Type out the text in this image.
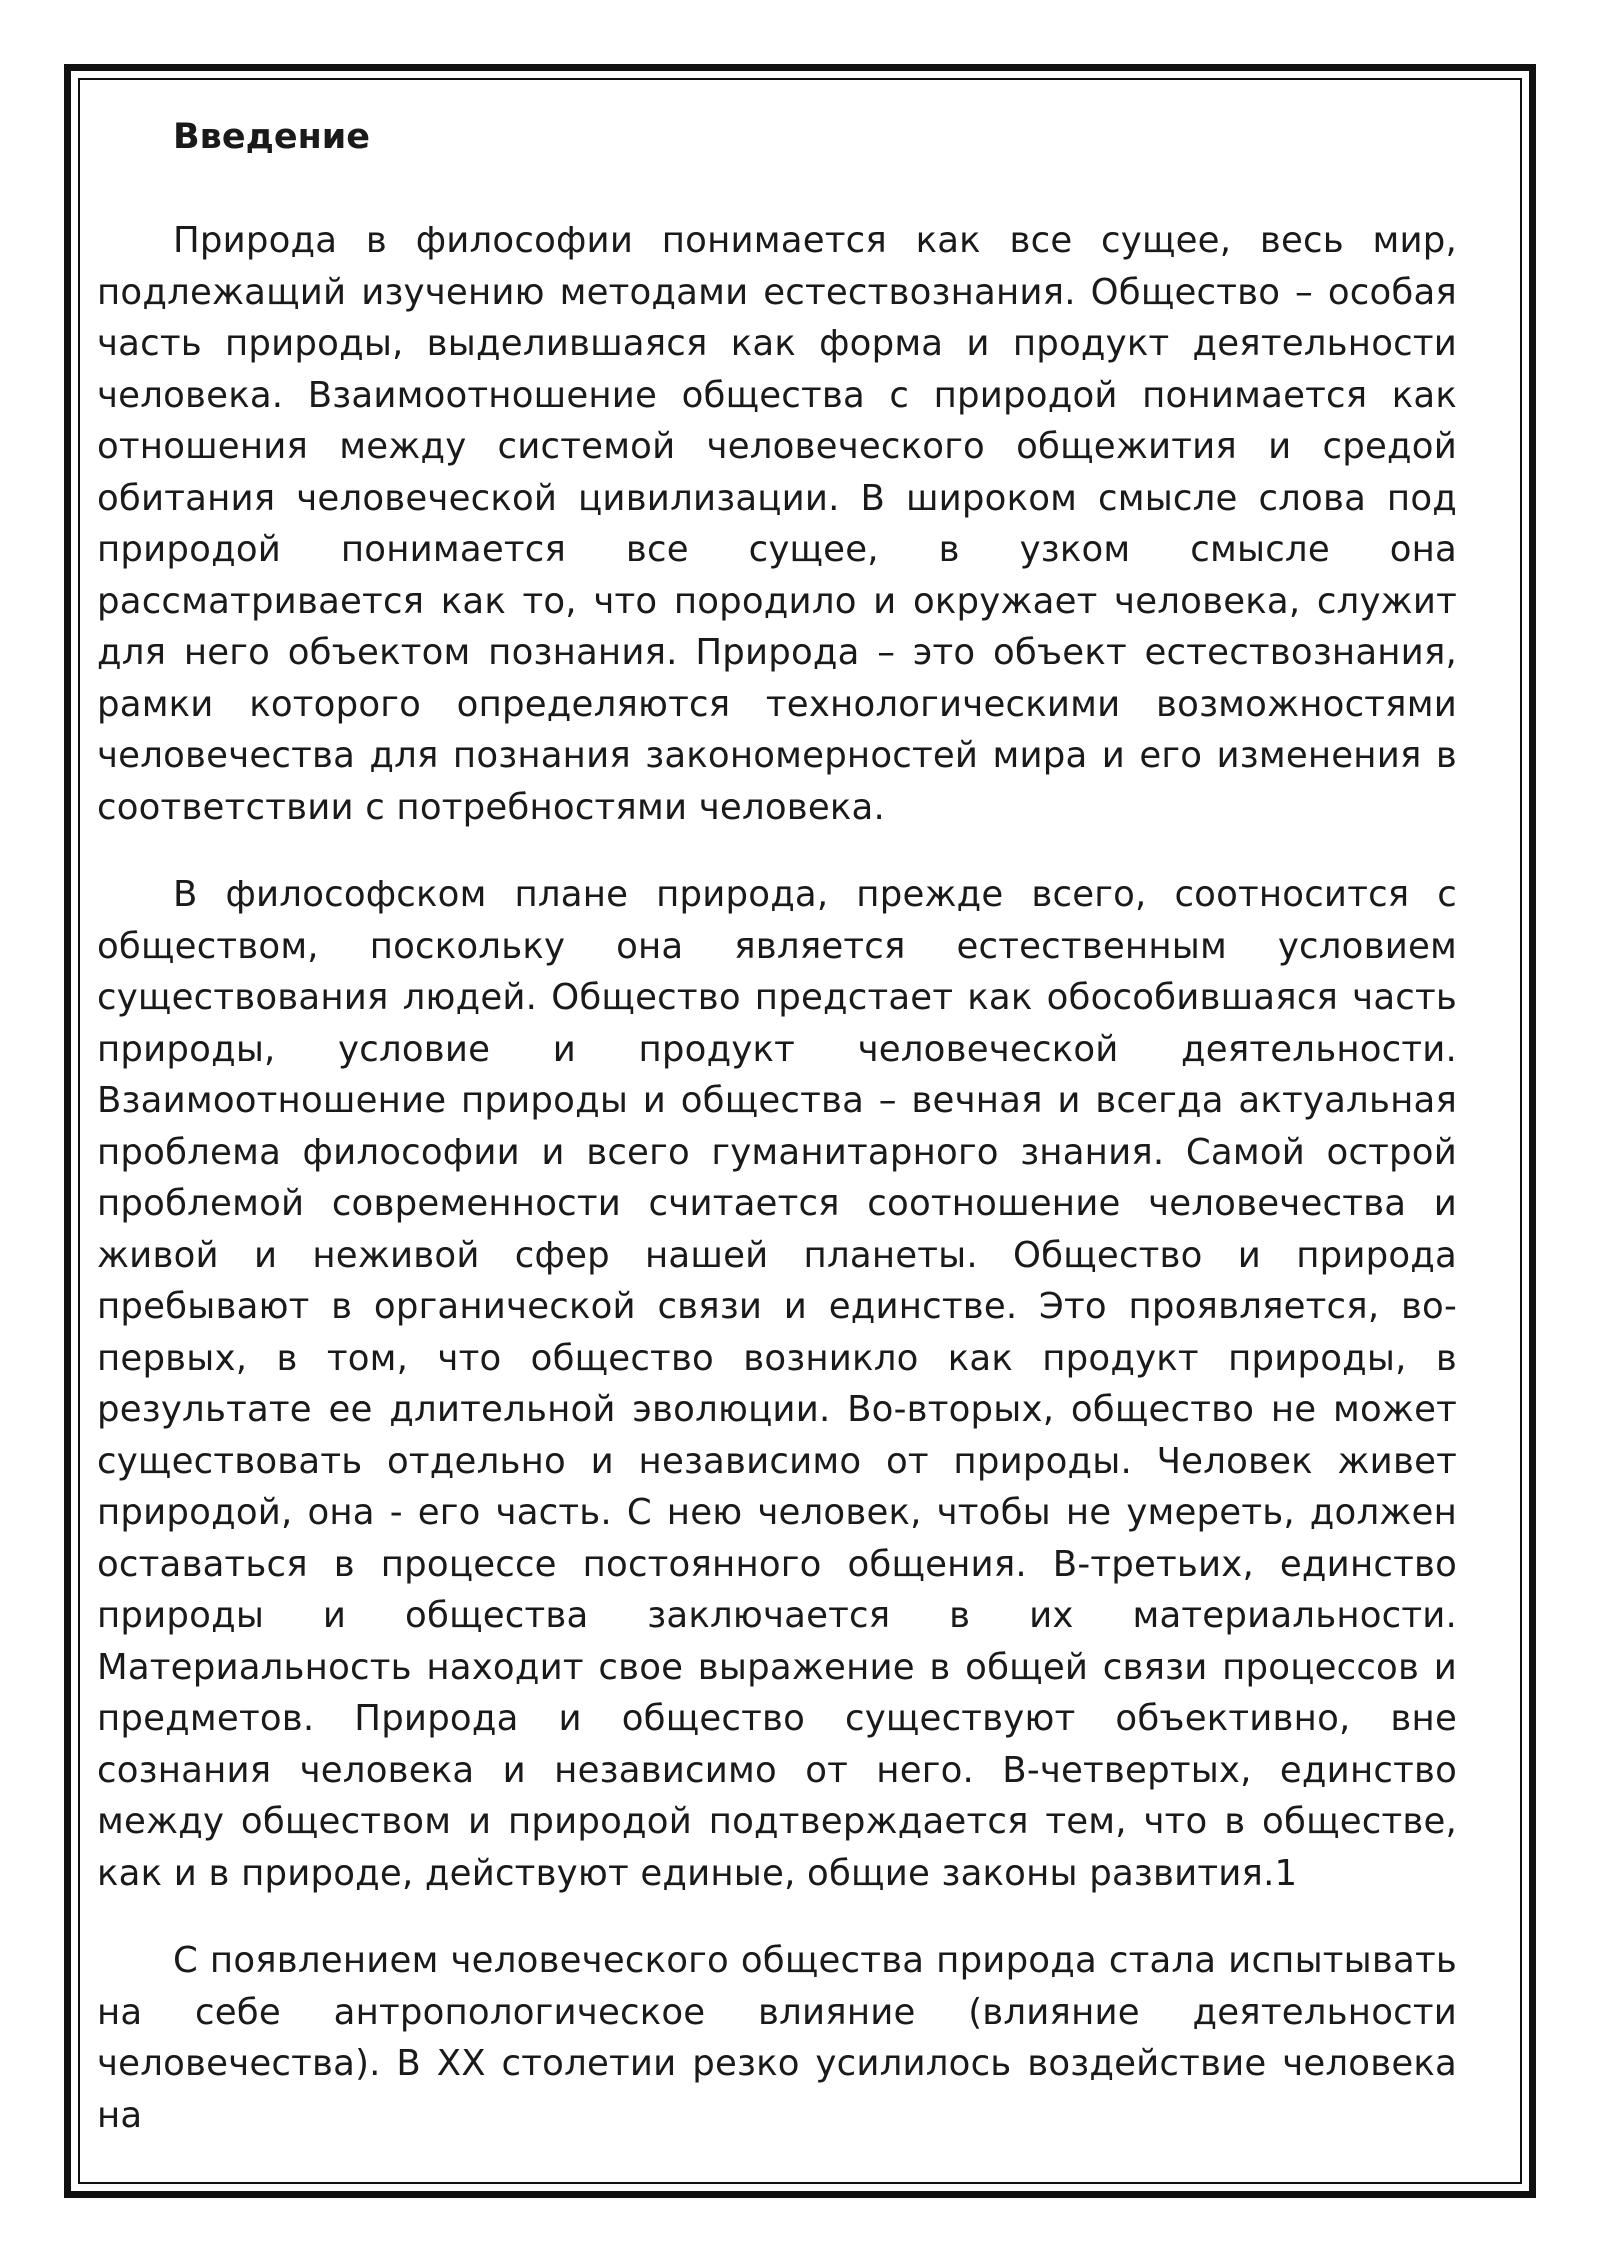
Введение

Природа в философии понимается как все сущее, весь мир, подлежащий изучению методами естествознания. Общество – особая часть природы, выделившаяся как форма и продукт деятельности человека. Взаимоотношение общества с природой понимается как отношения между системой человеческого общежития и средой обитания человеческой цивилизации. В широком смысле слова под природой понимается все сущее, в узком смысле она рассматривается как то, что породило и окружает человека, служит для него объектом познания. Природа – это объект естествознания, рамки которого определяются технологическими возможностями человечества для познания закономерностей мира и его изменения в соответствии с потребностями человека.

В философском плане природа, прежде всего, соотносится с обществом, поскольку она является естественным условием существования людей. Общество предстает как обособившаяся часть природы, условие и продукт человеческой деятельности. Взаимоотношение природы и общества – вечная и всегда актуальная проблема философии и всего гуманитарного знания. Самой острой проблемой современности считается соотношение человечества и живой и неживой сфер нашей планеты. Общество и природа пребывают в органической связи и единстве. Это проявляется, во-первых, в том, что общество возникло как продукт природы, в результате ее длительной эволюции. Во-вторых, общество не может существовать отдельно и независимо от природы. Человек живет природой, она - его часть. С нею человек, чтобы не умереть, должен оставаться в процессе постоянного общения. В-третьих, единство природы и общества заключается в их материальности. Материальность находит свое выражение в общей связи процессов и предметов. Природа и общество существуют объективно, вне сознания человека и независимо от него. В-четвертых, единство между обществом и природой подтверждается тем, что в обществе, как и в природе, действуют единые, общие законы развития.1

С появлением человеческого общества природа стала испытывать на себе антропологическое влияние (влияние деятельности человечества). В XX столетии резко усилилось воздействие человека на
